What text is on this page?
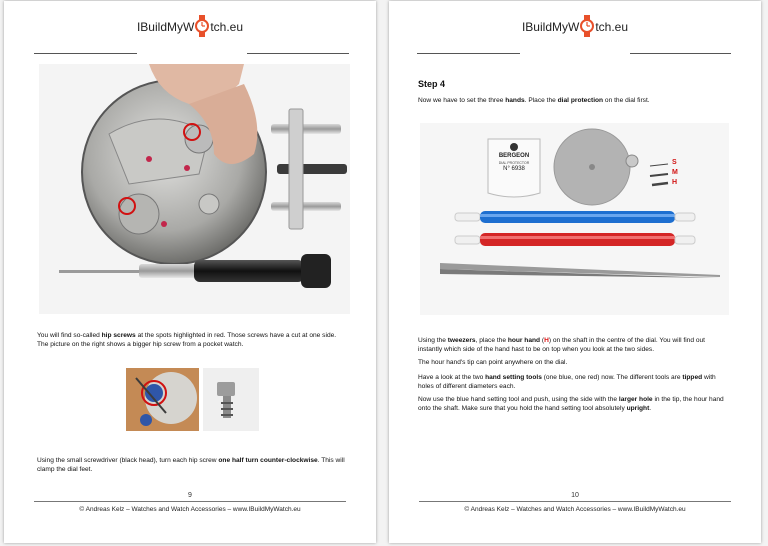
IBuildMyW tch.eu
You will find so-called hip screws at the spots highlighted in red. Those screws have a cut at one side. The picture on the right shows a bigger hip screw from a pocket watch.
Using the small screwdriver (black head), turn each hip screw one half turn counter-clockwise. This will clamp the dial feet.
9
© Andreas Kelz – Watches and Watch Accessories – www.IBuildMyWatch.eu
IBuildMyW tch.eu
Step 4
Now we have to set the three hands. Place the dial protection on the dial first.
BERGEON
DIAL PROTECTOR
N° 6938
S
M
H
Using the tweezers, place the hour hand (H) on the shaft in the centre of the dial. You will find out instantly which side of the hand hast to be on top when you look at the two sides.
The hour hand's tip can point anywhere on the dial.
Have a look at the two hand setting tools (one blue, one red) now. The different tools are tipped with holes of different diameters each.
Now use the blue hand setting tool and push, using the side with the larger hole in the tip, the hour hand onto the shaft. Make sure that you hold the hand setting tool absolutely upright.
10
© Andreas Kelz – Watches and Watch Accessories – www.IBuildMyWatch.eu
